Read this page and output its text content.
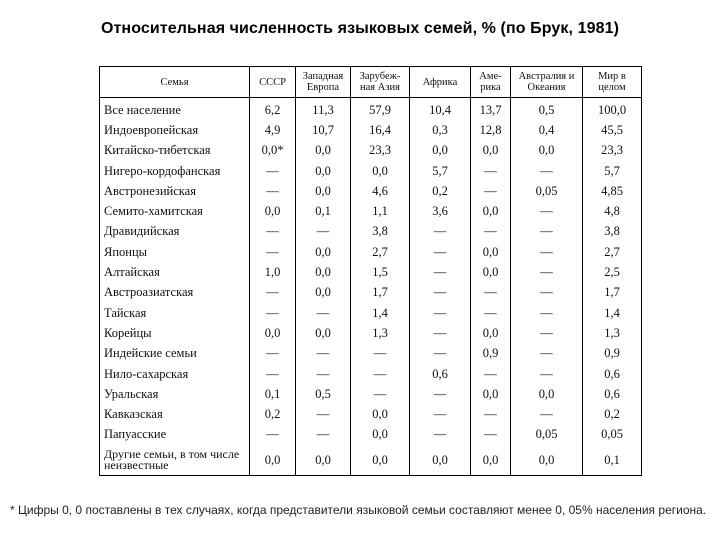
Относительная численность языковых семей, % (по Брук, 1981)
Семья	СССР	Западная Европа	Зарубеж-ная Азия	Африка	Аме-рика	Австралия и Океания	Мир в целом
Все население	6,2	11,3	57,9	10,4	13,7	0,5	100,0
Индоевропейская	4,9	10,7	16,4	0,3	12,8	0,4	45,5
Китайско-тибетская	0,0*	0,0	23,3	0,0	0,0	0,0	23,3
Нигеро-кордофанская	—	0,0	0,0	5,7	—	—	5,7
Австронезийская	—	0,0	4,6	0,2	—	0,05	4,85
Семито-хамитская	0,0	0,1	1,1	3,6	0,0	—	4,8
Дравидийская	—	—	3,8	—	—	—	3,8
Японцы	—	0,0	2,7	—	0,0	—	2,7
Алтайская	1,0	0,0	1,5	—	0,0	—	2,5
Австроазиатская	—	0,0	1,7	—	—	—	1,7
Тайская	—	—	1,4	—	—	—	1,4
Корейцы	0,0	0,0	1,3	—	0,0	—	1,3
Индейские семьи	—	—	—	—	0,9	—	0,9
Нило-сахарская	—	—	—	0,6	—	—	0,6
Уральская	0,1	0,5	—	—	0,0	0,0	0,6
Кавказская	0,2	—	0,0	—	—	—	0,2
Папуасские	—	—	0,0	—	—	0,05	0,05
Другие семьи, в том числе неизвестные	0,0	0,0	0,0	0,0	0,0	0,0	0,1
* Цифры 0, 0 поставлены в тех случаях, когда представители языковой семьи составляют менее 0, 05% населения региона.
